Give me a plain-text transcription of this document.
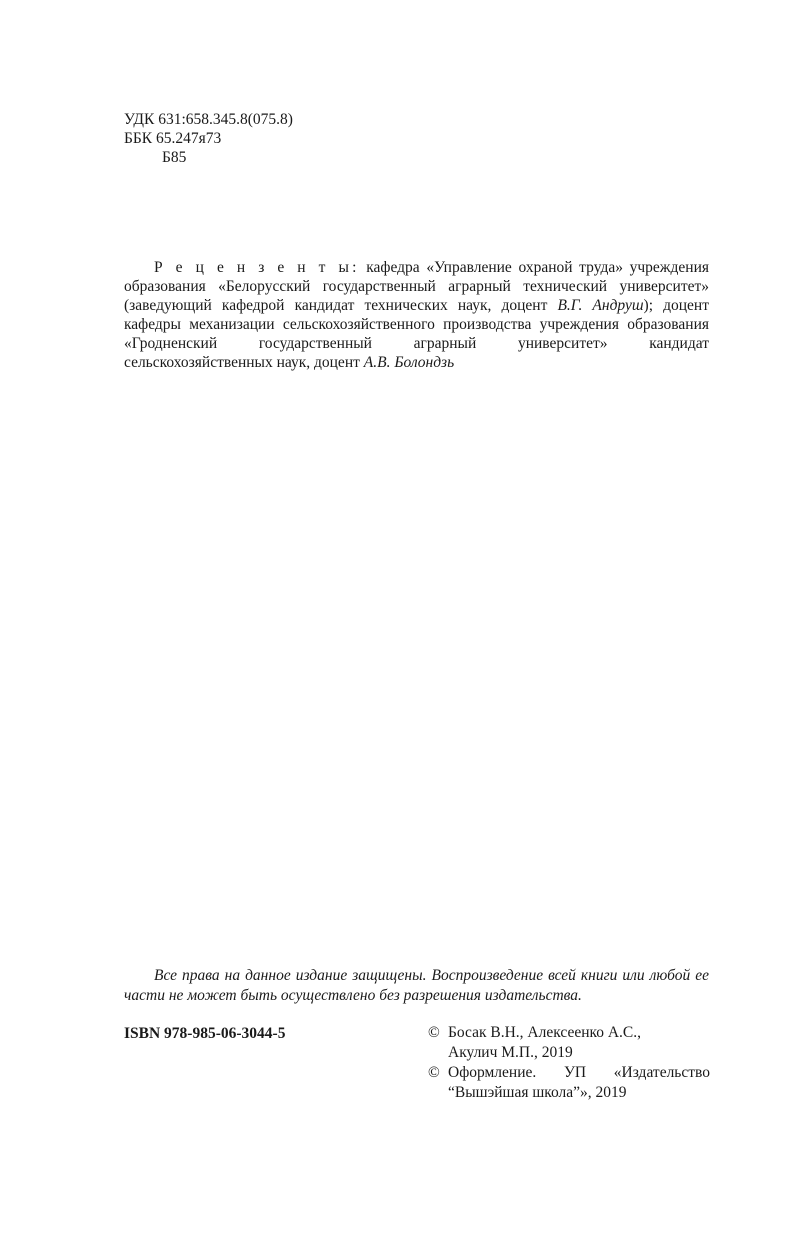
УДК 631:658.345.8(075.8)
ББК 65.247я73
Б85

Р е ц е н з е н т ы: кафедра «Управление охраной труда» учреждения образования «Белорусский государственный аграрный технический университет» (заведующий кафедрой кандидат технических наук, доцент В.Г. Андруш); доцент кафедры механизации сельскохозяйственного производства учреждения образования «Гродненский государственный аграрный университет» кандидат сельскохозяйственных наук, доцент А.В. Болондзь

Все права на данное издание защищены. Воспроизведение всей книги или любой ее части не может быть осуществлено без разрешения издательства.

ISBN 978-985-06-3044-5	© Босак В.Н., Алексеенко А.С.,
Акулич М.П., 2019
© Оформление. УП «Издательство
“Вышэйшая школа”», 2019
